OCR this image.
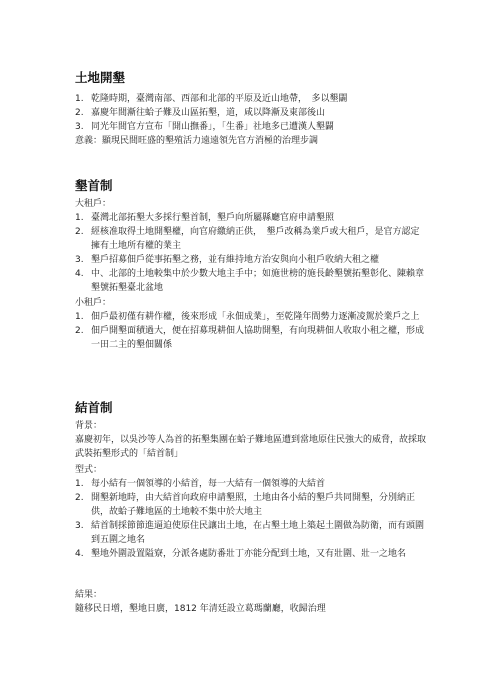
土地開墾
1. 乾隆時期，臺灣南部、西部和北部的平原及近山地帶，　多以墾闢
2. 嘉慶年間漸往蛤子難及山區拓墾，道，咸以降漸及東部後山
3. 同光年間官方宣布「開山撫番」，「生番」社地多已遭漢人墾闢

意義：顯現民間旺盛的墾殖活力遠遠領先官方消極的治理步調

墾首制

大租戶：

1. 臺灣北部拓墾大多採行墾首制，墾戶向所屬縣廳官府申請墾照
2. 經核准取得土地開墾權，向官府繳納正供，　墾戶改稱為業戶或大租戶，是官方認定擁有土地所有權的業主
3. 墾戶招募佃戶從事拓墾之務，並有維持地方治安與向小租戶收納大租之權
4. 中、北部的土地較集中於少數大地主手中；如施世榜的施長齡墾號拓墾彰化、陳賴章墾號拓墾臺北盆地

小租戶：

1. 佃戶最初僅有耕作權，後來形成「永佃成業」，至乾隆年間勢力逐漸凌駕於業戶之上
2. 佃戶開墾面積過大，便在招募現耕佃人協助開墾，有向現耕佃人收取小租之權，形成一田二主的墾佃關係
結首制

背景：

嘉慶初年，以吳沙等人為首的拓墾集團在蛤子難地區遭到當地原住民強大的威脅，故採取武裝拓墾形式的「結首制」

型式：

1. 每小結有一個領導的小結首，每一大結有一個領導的大結首
2. 開墾新地時，由大結首向政府申請墾照，土地由各小結的墾戶共同開墾，分別納正供，故蛤子難地區的土地較不集中於大地主
3. 結首制採節節進逼迫使原住民讓出土地，在占墾土地上築起土圍做為防衛，而有頭圍到五圍之地名
4. 墾地外圍設置隘寮，分派各處防番壯丁亦能分配到土地，又有壯圍、壯一之地名

結果：

隨移民日增，墾地日廣，1812 年清廷設立葛瑪蘭廳，收歸治理
